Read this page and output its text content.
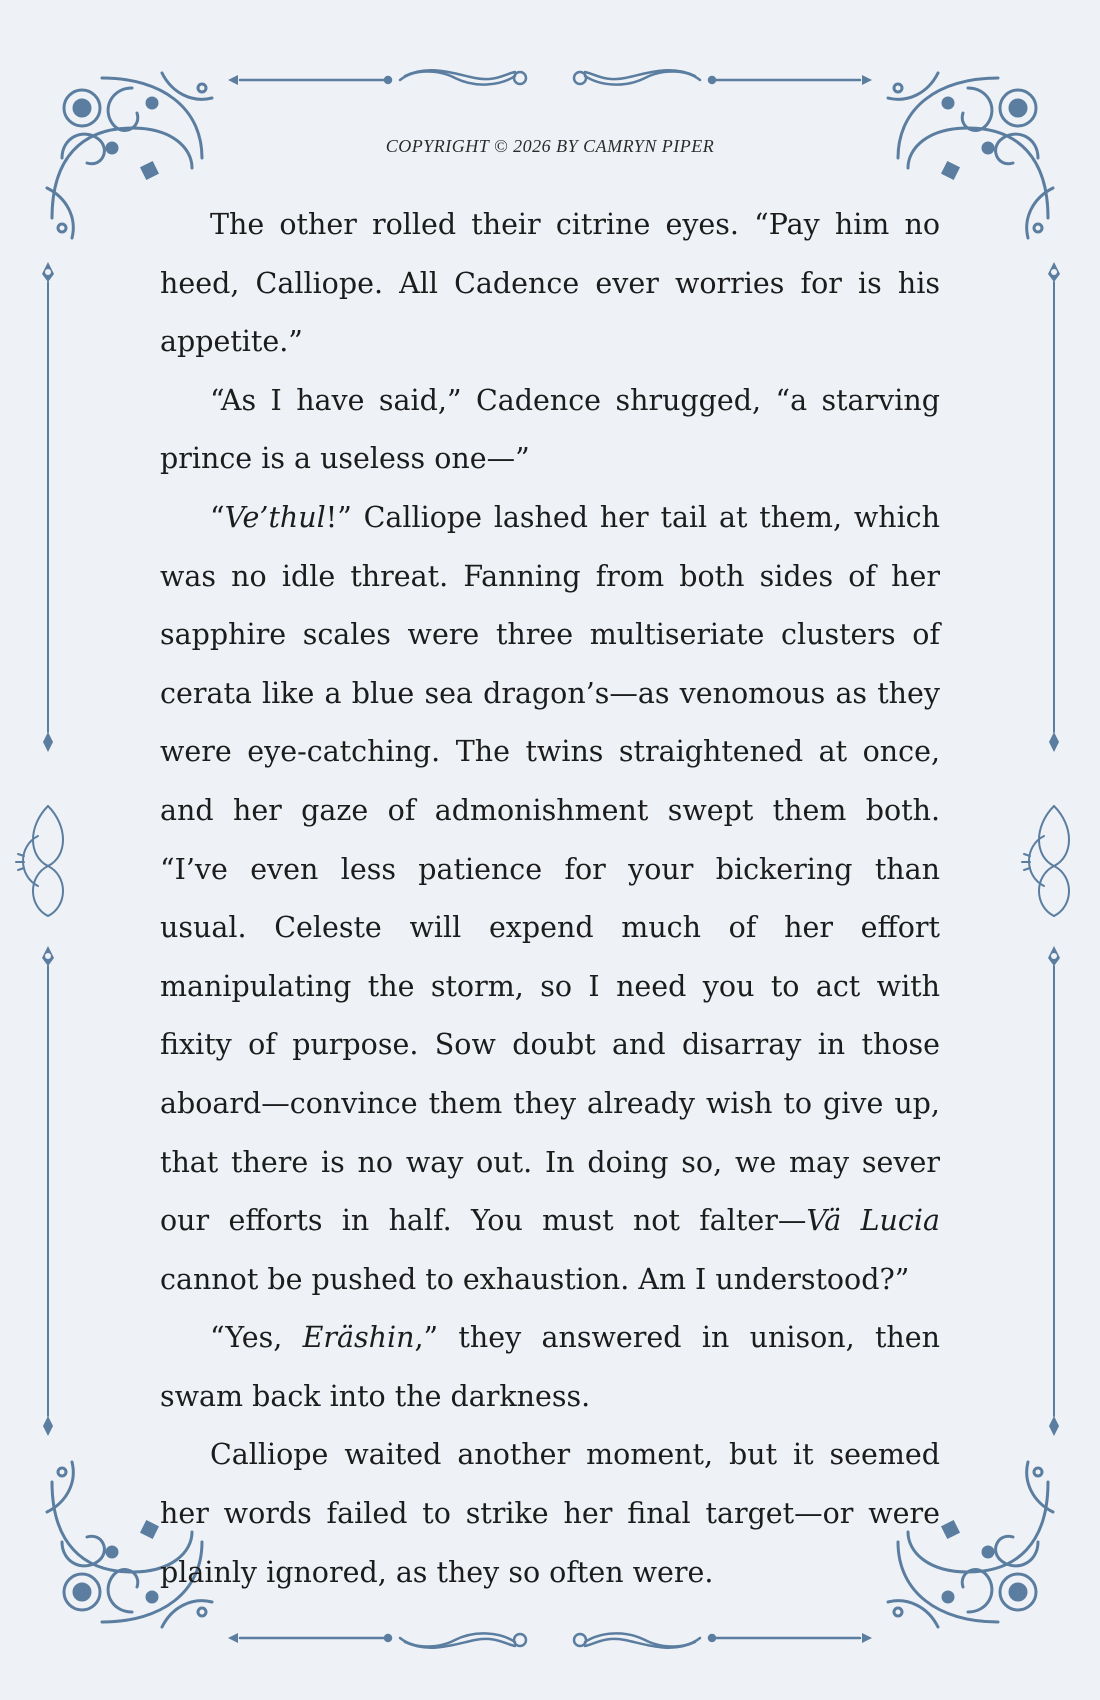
COPYRIGHT © 2026 BY CAMRYN PIPER

The other rolled their citrine eyes. “Pay him no heed, Calliope. All Cadence ever worries for is his appetite.”

“As I have said,” Cadence shrugged, “a starving prince is a useless one—”

“Ve’thul!” Calliope lashed her tail at them, which was no idle threat. Fanning from both sides of her sapphire scales were three multiseriate clusters of cerata like a blue sea dragon’s—as venomous as they were eye-catching. The twins straightened at once, and her gaze of admonishment swept them both. “I’ve even less patience for your bickering than usual. Celeste will expend much of her effort manipulating the storm, so I need you to act with fixity of purpose. Sow doubt and disarray in those aboard—convince them they already wish to give up, that there is no way out. In doing so, we may sever our efforts in half. You must not falter—Vä Lucia cannot be pushed to exhaustion. Am I understood?”

“Yes, Eräshin,” they answered in unison, then swam back into the darkness.

Calliope waited another moment, but it seemed her words failed to strike her final target—or were plainly ignored, as they so often were.
